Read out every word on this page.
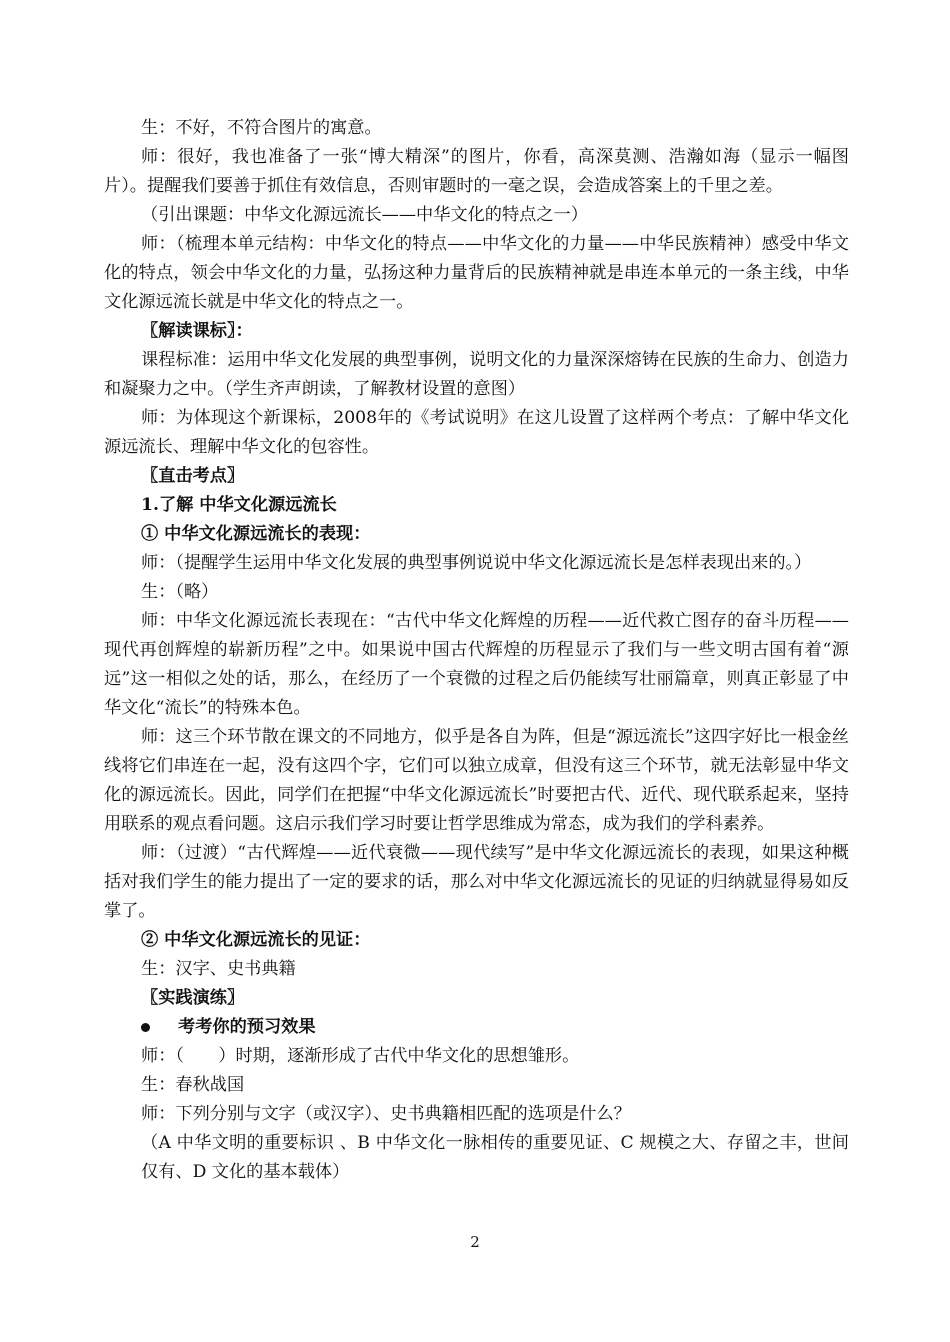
生：不好，不符合图片的寓意。

师：很好，我也准备了一张“博大精深”的图片，你看，高深莫测、浩瀚如海（显示一幅图片）。提醒我们要善于抓住有效信息，否则审题时的一毫之误，会造成答案上的千里之差。

（引出课题：中华文化源远流长——中华文化的特点之一）

师：（梳理本单元结构：中华文化的特点——中华文化的力量——中华民族精神）感受中华文化的特点，领会中华文化的力量，弘扬这种力量背后的民族精神就是串连本单元的一条主线，中华文化源远流长就是中华文化的特点之一。

〖解读课标〗：

课程标准：运用中华文化发展的典型事例，说明文化的力量深深熔铸在民族的生命力、创造力和凝聚力之中。（学生齐声朗读，了解教材设置的意图）

师：为体现这个新课标，2008年的《考试说明》在这儿设置了这样两个考点：了解中华文化源远流长、理解中华文化的包容性。

〖直击考点〗

1.了解 中华文化源远流长

① 中华文化源远流长的表现：

师：（提醒学生运用中华文化发展的典型事例说说中华文化源远流长是怎样表现出来的。）

生：（略）

师：中华文化源远流长表现在：“古代中华文化辉煌的历程——近代救亡图存的奋斗历程——现代再创辉煌的崭新历程”之中。如果说中国古代辉煌的历程显示了我们与一些文明古国有着“源远”这一相似之处的话，那么，在经历了一个衰微的过程之后仍能续写壮丽篇章，则真正彰显了中华文化“流长”的特殊本色。

师：这三个环节散在课文的不同地方，似乎是各自为阵，但是“源远流长”这四字好比一根金丝线将它们串连在一起，没有这四个字，它们可以独立成章，但没有这三个环节，就无法彰显中华文化的源远流长。因此，同学们在把握“中华文化源远流长”时要把古代、近代、现代联系起来，坚持用联系的观点看问题。这启示我们学习时要让哲学思维成为常态，成为我们的学科素养。

师：（过渡）“古代辉煌——近代衰微——现代续写”是中华文化源远流长的表现，如果这种概括对我们学生的能力提出了一定的要求的话，那么对中华文化源远流长的见证的归纳就显得易如反掌了。

② 中华文化源远流长的见证：

生：汉字、史书典籍

〖实践演练〗

考考你的预习效果

师：（　　）时期，逐渐形成了古代中华文化的思想雏形。

生：春秋战国

师：下列分别与文字（或汉字）、史书典籍相匹配的选项是什么？

（A 中华文明的重要标识 、B 中华文化一脉相传的重要见证、C 规模之大、存留之丰，世间仅有、D 文化的基本载体）

2
